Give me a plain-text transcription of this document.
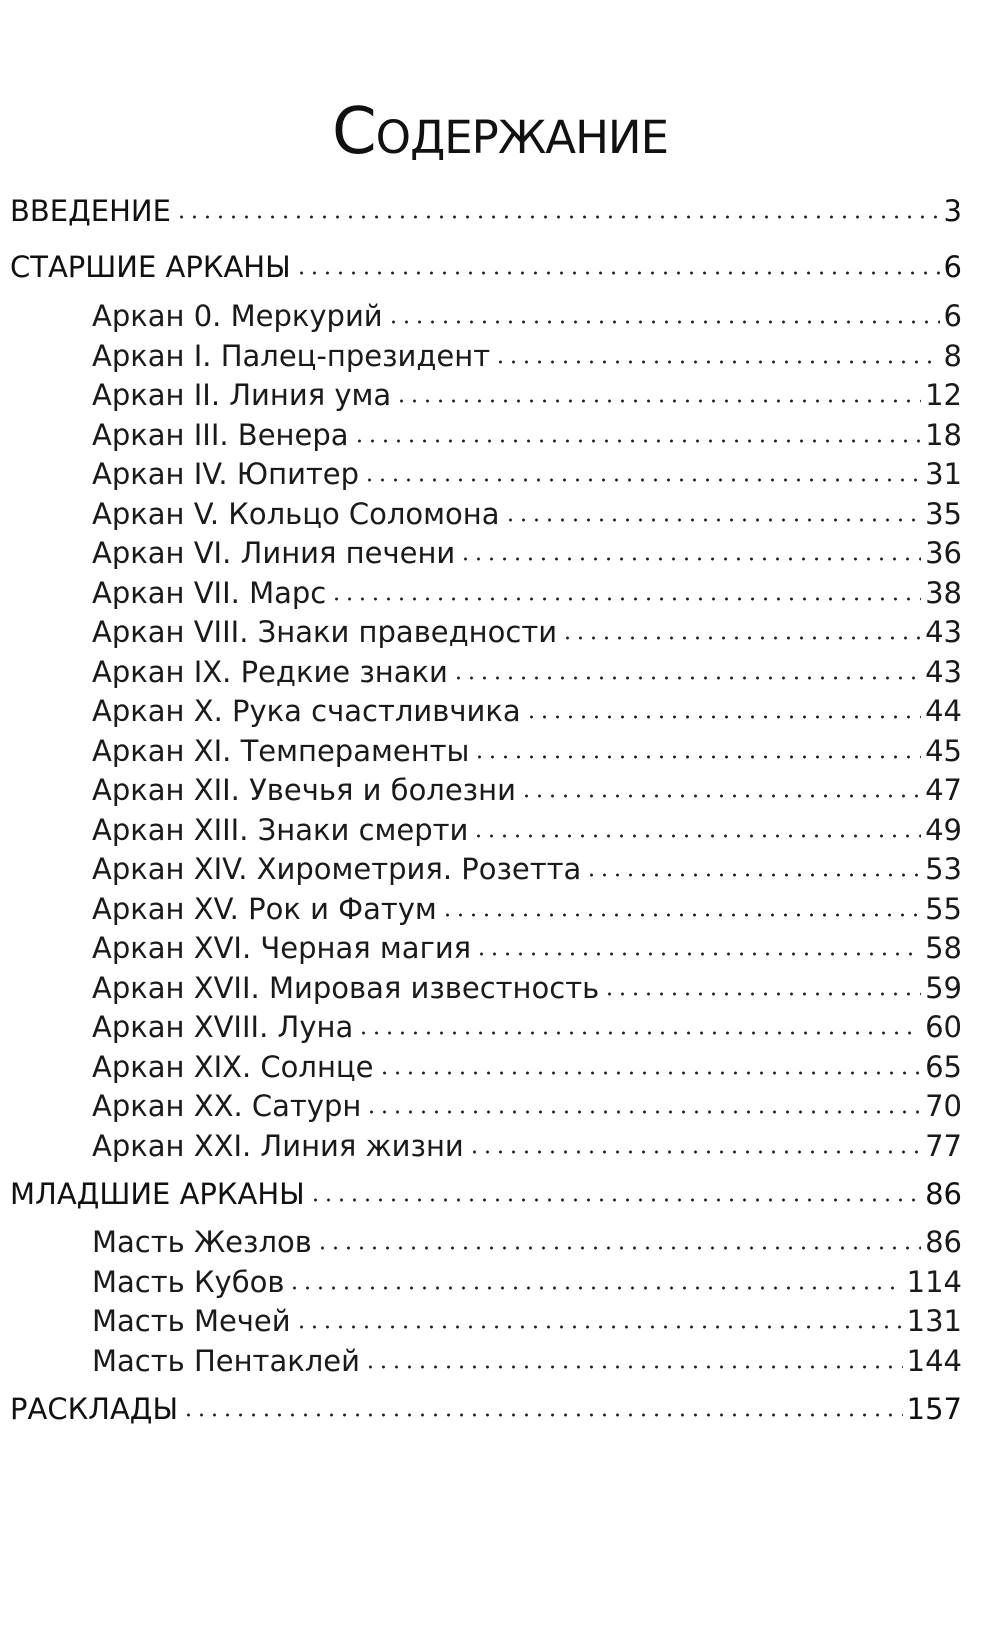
Содержание
ВВЕДЕНИЕ	3
СТАРШИЕ АРКАНЫ	6
Аркан 0. Меркурий	6
Аркан I. Палец-президент	8
Аркан II. Линия ума	12
Аркан III. Венера	18
Аркан IV. Юпитер	31
Аркан V. Кольцо Соломона	35
Аркан VI. Линия печени	36
Аркан VII. Марс	38
Аркан VIII. Знаки праведности	43
Аркан IX. Редкие знаки	43
Аркан X. Рука счастливчика	44
Аркан XI. Темпераменты	45
Аркан XII. Увечья и болезни	47
Аркан XIII. Знаки смерти	49
Аркан XIV. Хирометрия. Розетта	53
Аркан XV. Рок и Фатум	55
Аркан XVI. Черная магия	58
Аркан XVII. Мировая известность	59
Аркан XVIII. Луна	60
Аркан XIX. Солнце	65
Аркан XX. Сатурн	70
Аркан XXI. Линия жизни	77
МЛАДШИЕ АРКАНЫ	86
Масть Жезлов	86
Масть Кубов	114
Масть Мечей	131
Масть Пентаклей	144
РАСКЛАДЫ	157
